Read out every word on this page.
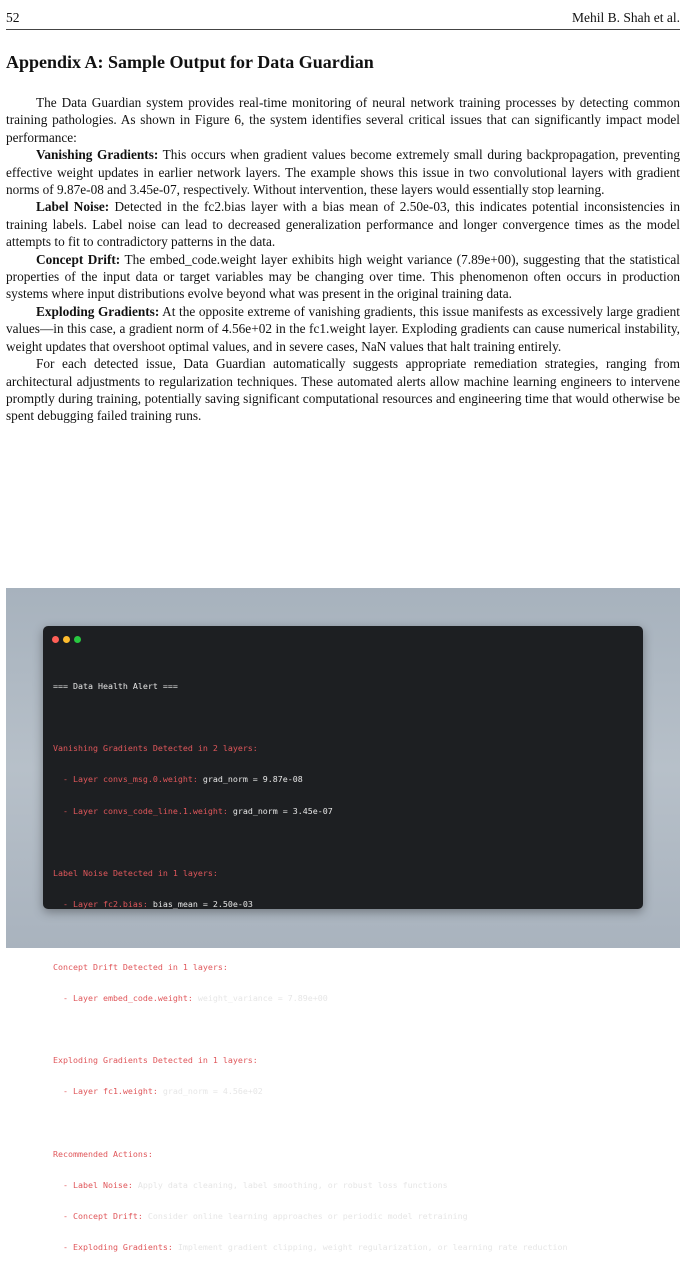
52	Mehil B. Shah et al.
Appendix A: Sample Output for Data Guardian

The Data Guardian system provides real-time monitoring of neural network training processes by detecting common training pathologies. As shown in Figure 6, the system identifies several critical issues that can significantly impact model performance:

Vanishing Gradients: This occurs when gradient values become extremely small during backpropagation, preventing effective weight updates in earlier network layers. The example shows this issue in two convolutional layers with gradient norms of 9.87e-08 and 3.45e-07, respectively. Without intervention, these layers would essentially stop learning.

Label Noise: Detected in the fc2.bias layer with a bias mean of 2.50e-03, this indicates potential inconsistencies in training labels. Label noise can lead to decreased generalization performance and longer convergence times as the model attempts to fit to contradictory patterns in the data.

Concept Drift: The embed_code.weight layer exhibits high weight variance (7.89e+00), suggesting that the statistical properties of the input data or target variables may be changing over time. This phenomenon often occurs in production systems where input distributions evolve beyond what was present in the original training data.

Exploding Gradients: At the opposite extreme of vanishing gradients, this issue manifests as excessively large gradient values—in this case, a gradient norm of 4.56e+02 in the fc1.weight layer. Exploding gradients can cause numerical instability, weight updates that overshoot optimal values, and in severe cases, NaN values that halt training entirely.

For each detected issue, Data Guardian automatically suggests appropriate remediation strategies, ranging from architectural adjustments to regularization techniques. These automated alerts allow machine learning engineers to intervene promptly during training, potentially saving significant computational resources and engineering time that would otherwise be spent debugging failed training runs.

=== Data Health Alert ===

Vanishing Gradients Detected in 2 layers:

- Layer convs_msg.0.weight: grad_norm = 9.87e-08

- Layer convs_code_line.1.weight: grad_norm = 3.45e-07

Label Noise Detected in 1 layers:

- Layer fc2.bias: bias_mean = 2.50e-03

Concept Drift Detected in 1 layers:

- Layer embed_code.weight: weight_variance = 7.89e+00

Exploding Gradients Detected in 1 layers:

- Layer fc1.weight: grad_norm = 4.56e+02

Recommended Actions:

- Label Noise: Apply data cleaning, label smoothing, or robust loss functions

- Concept Drift: Consider online learning approaches or periodic model retraining

- Exploding Gradients: Implement gradient clipping, weight regularization, or learning rate reduction
